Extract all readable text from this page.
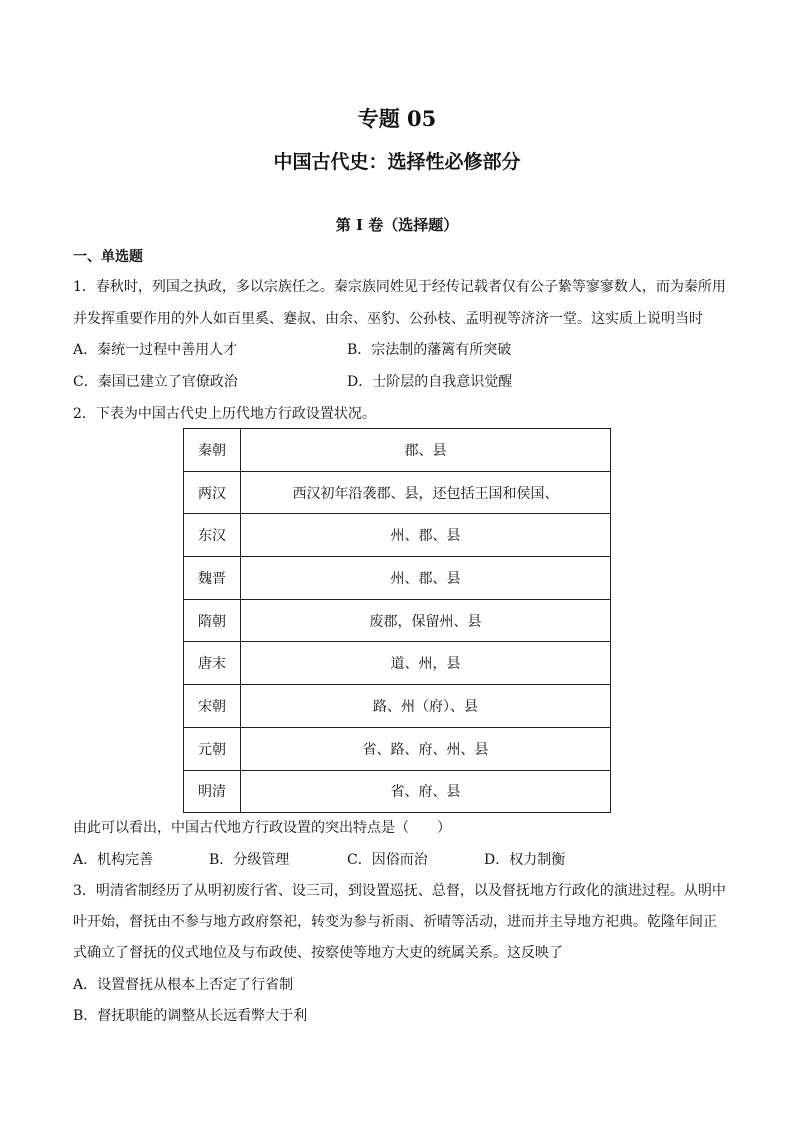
专题 05
中国古代史：选择性必修部分
第 I 卷（选择题）
一、单选题
1．春秋时，列国之执政，多以宗族任之。秦宗族同姓见于经传记载者仅有公子絷等寥寥数人，而为秦所用
并发挥重要作用的外人如百里奚、蹇叔、由余、巫豹、公孙枝、孟明视等济济一堂。这实质上说明当时
A．秦统一过程中善用人才	B．宗法制的藩篱有所突破
C．秦国已建立了官僚政治	D．士阶层的自我意识觉醒
2．下表为中国古代史上历代地方行政设置状况。
秦朝	郡、县
两汉	西汉初年沿袭郡、县，还包括王国和侯国、
东汉	州、郡、县
魏晋	州、郡、县
隋朝	废郡，保留州、县
唐末	道、州，县
宋朝	路、州（府）、县
元朝	省、路、府、州、县
明清	省、府、县
由此可以看出，中国古代地方行政设置的突出特点是（　　）
A．机构完善	B．分级管理	C．因俗而治	D．权力制衡
3．明清省制经历了从明初废行省、设三司，到设置巡抚、总督，以及督抚地方行政化的演进过程。从明中
叶开始，督抚由不参与地方政府祭祀，转变为参与祈雨、祈晴等活动，进而并主导地方祀典。乾隆年间正
式确立了督抚的仪式地位及与布政使、按察使等地方大吏的统属关系。这反映了
A．设置督抚从根本上否定了行省制
B．督抚职能的调整从长远看弊大于利
